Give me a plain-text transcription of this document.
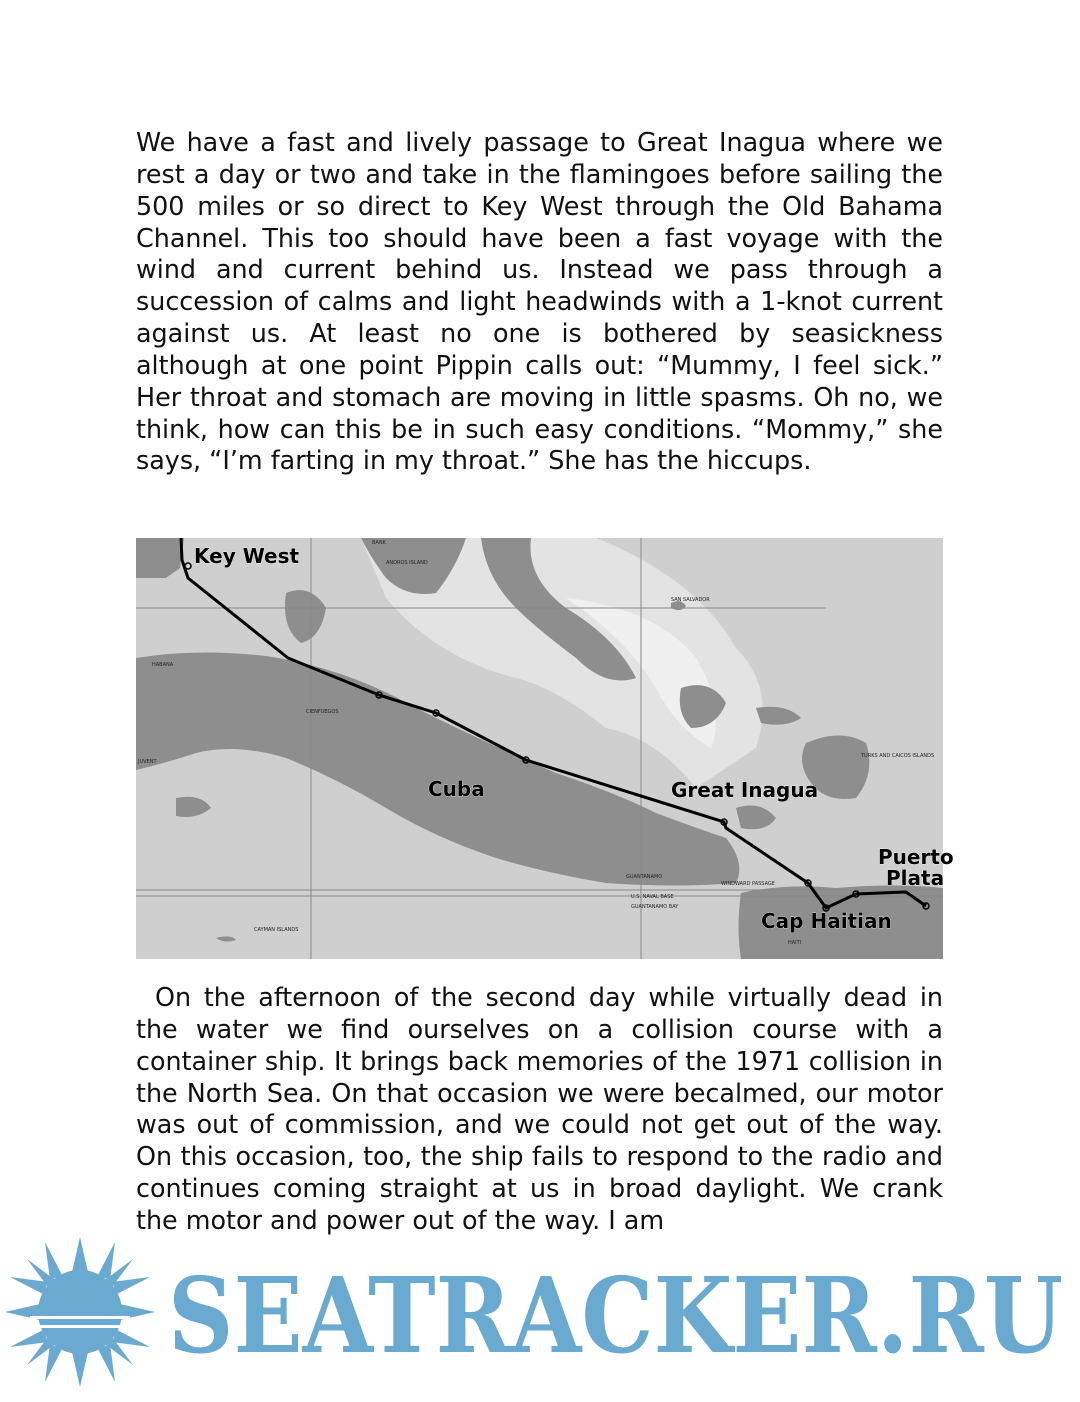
We have a fast and lively passage to Great Inagua where we rest a day or two and take in the flamingoes before sailing the 500 miles or so direct to Key West through the Old Bahama Channel. This too should have been a fast voyage with the wind and current behind us. Instead we pass through a succession of calms and light headwinds with a 1-knot current against us. At least no one is bothered by seasickness although at one point Pippin calls out: “Mummy, I feel sick.” Her throat and stomach are moving in little spasms. Oh no, we think, how can this be in such easy conditions. “Mommy,” she says, “I’m farting in my throat.” She has the hiccups.

BANK
ANDROS ISLAND
SAN SALVADOR
HABANA
CIENFUEGOS
JUVENT
TURKS AND CAICOS ISLANDS
GUANTANAMO
U.S. NAVAL BASE
GUANTANAMO BAY
WINDWARD PASSAGE
CAYMAN ISLANDS
HAITI
Key West
Cuba	Great Inagua
Puerto
Plata
Cap Haitian

On the afternoon of the second day while virtually dead in the water we find ourselves on a collision course with a container ship. It brings back memories of the 1971 collision in the North Sea. On that occasion we were becalmed, our motor was out of commission, and we could not get out of the way. On this occasion, too, the ship fails to respond to the radio and continues coming straight at us in broad daylight. We crank the motor and power out of the way. I am

SEATRACKER.RU
